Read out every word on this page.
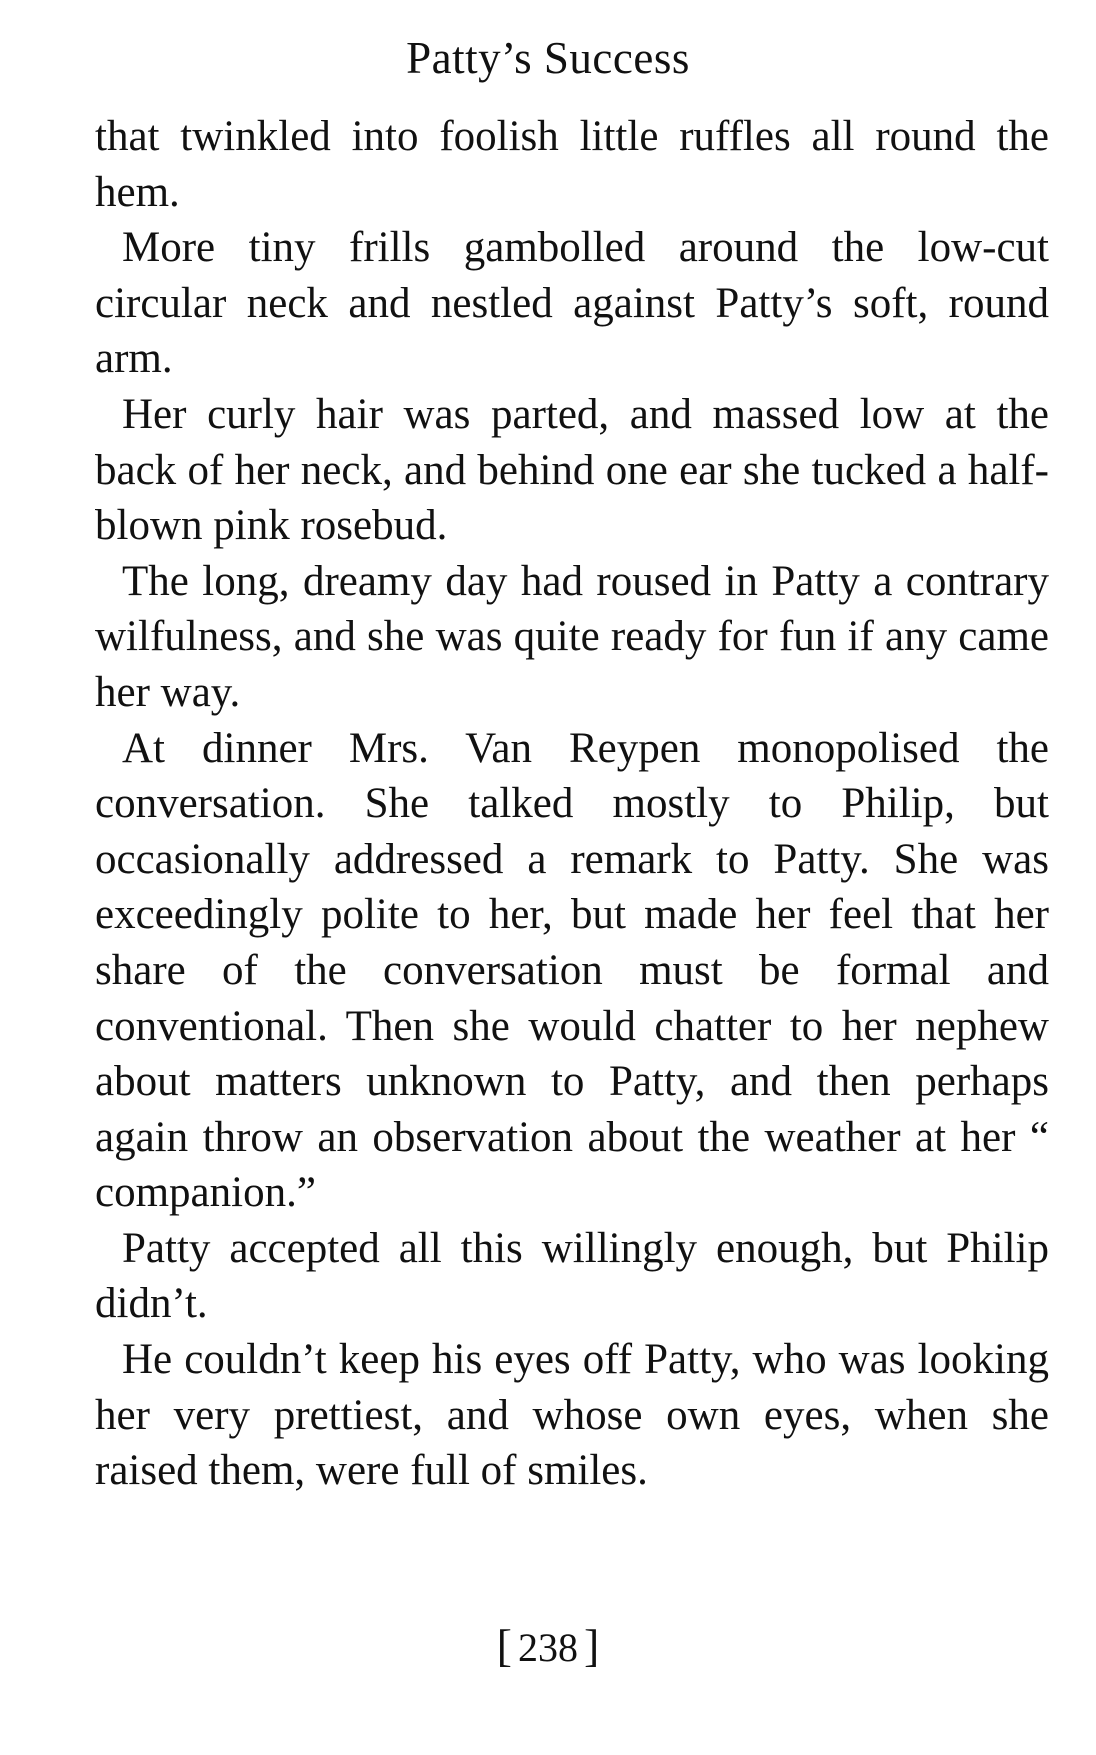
Patty’s Success

that twinkled into foolish little ruffles all round the hem.

More tiny frills gambolled around the low-cut circular neck and nestled against Patty’s soft, round arm.

Her curly hair was parted, and massed low at the back of her neck, and behind one ear she tucked a half-blown pink rosebud.

The long, dreamy day had roused in Patty a contrary wilfulness, and she was quite ready for fun if any came her way.

At dinner Mrs. Van Reypen monopolised the conversation. She talked mostly to Philip, but occasionally addressed a remark to Patty. She was exceedingly polite to her, but made her feel that her share of the conversation must be formal and conventional. Then she would chatter to her nephew about matters unknown to Patty, and then perhaps again throw an observation about the weather at her “ companion.”

Patty accepted all this willingly enough, but Philip didn’t.

He couldn’t keep his eyes off Patty, who was looking her very prettiest, and whose own eyes, when she raised them, were full of smiles.

[ 238 ]
